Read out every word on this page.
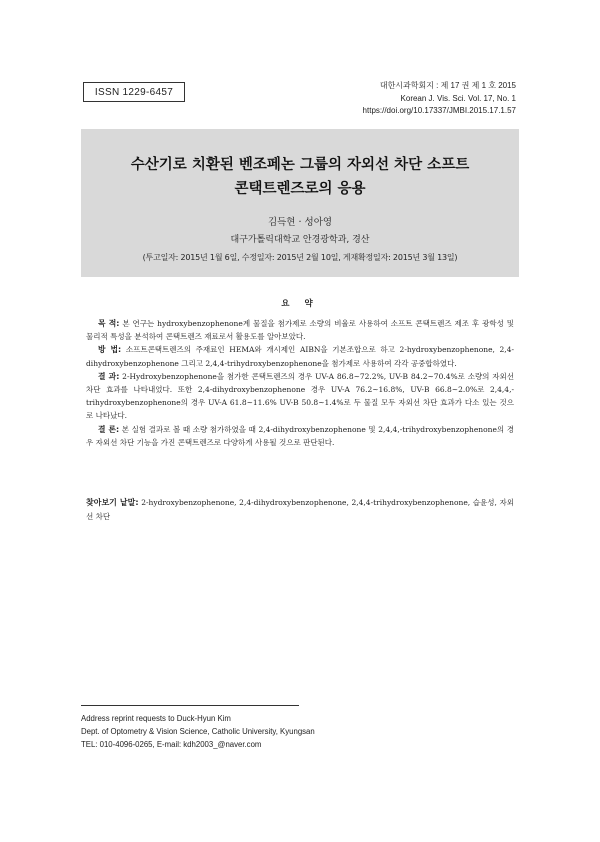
ISSN 1229-6457
대한시과학회지 : 제 17 권 제 1 호 2015
Korean J. Vis. Sci. Vol. 17, No. 1
https://doi.org/10.17337/JMBI.2015.17.1.57
수산기로 치환된 벤조페논 그룹의 자외선 차단 소프트
콘택트렌즈로의 응용
김득현 · 성아영
대구가톨릭대학교 안경광학과, 경산
(투고일자: 2015년 1월 6일, 수정일자: 2015년 2월 10일, 게재확정일자: 2015년 3월 13일)
요 약

목 적: 본 연구는 hydroxybenzophenone계 물질을 첨가제로 소량의 비율로 사용하여 소프트 콘택트렌즈 제조 후 광학성 및 물리적 특성을 분석하여 콘택트렌즈 재료로서 활용도를 알아보았다.

방 법: 소프트콘택트렌즈의 주재료인 HEMA와 개시제인 AIBN을 기본조합으로 하고 2-hydroxybenzophenone, 2,4-dihydroxybenzophenone 그리고 2,4,4-trihydroxybenzophenone을 첨가제로 사용하여 각각 공중합하였다.

결 과: 2-Hydroxybenzophenone을 첨가한 콘택트렌즈의 경우 UV-A 86.8~72.2%, UV-B 84.2~70.4%로 소량의 자외선 차단 효과를 나타내었다. 또한 2,4-dihydroxybenzophenone 경우 UV-A 76.2~16.8%, UV-B 66.8~2.0%로 2,4,4,-trihydroxybenzophenone의 경우 UV-A 61.8~11.6% UV-B 50.8~1.4%로 두 물질 모두 자외선 차단 효과가 다소 있는 것으로 나타났다.

결 론: 본 실험 결과로 볼 때 소량 첨가하였을 때 2,4-dihydroxybenzophenone 및 2,4,4,-trihydroxybenzophenone의 경우 자외선 차단 기능을 가진 콘택트렌즈로 다양하게 사용될 것으로 판단된다.

찾아보기 낱말: 2-hydroxybenzophenone, 2,4-dihydroxybenzophenone, 2,4,4-trihydroxybenzophenone, 습윤성, 자외선 차단
Address reprint requests to Duck-Hyun Kim
Dept. of Optometry & Vision Science, Catholic University, Kyungsan
TEL: 010-4096-0265, E-mail: kdh2003_@naver.com
